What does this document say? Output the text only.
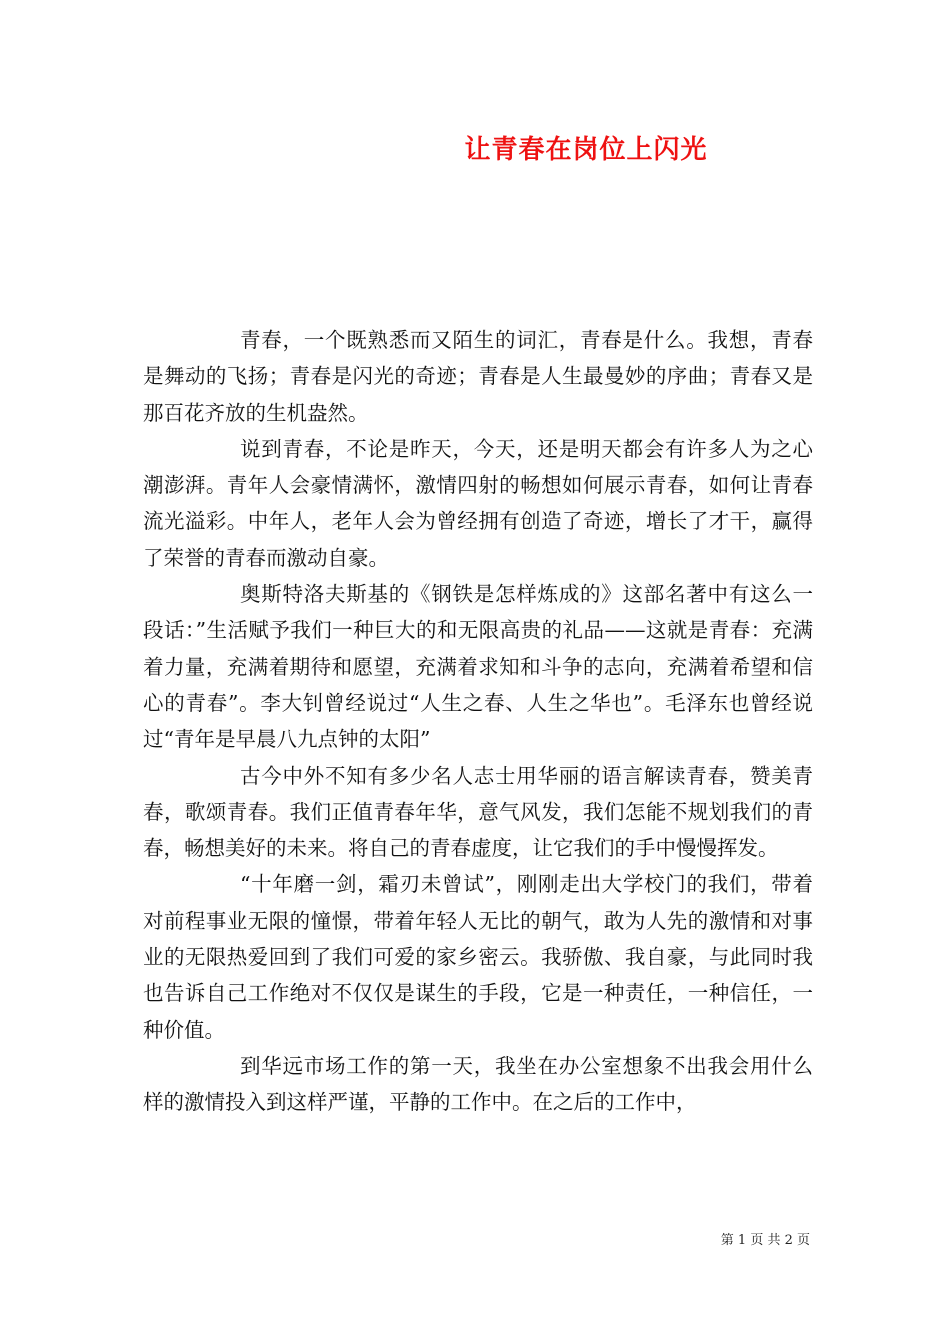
让青春在岗位上闪光

青春，一个既熟悉而又陌生的词汇，青春是什么。我想，青春是舞动的飞扬；青春是闪光的奇迹；青春是人生最曼妙的序曲；青春又是那百花齐放的生机盎然。

说到青春，不论是昨天，今天，还是明天都会有许多人为之心潮澎湃。青年人会豪情满怀，激情四射的畅想如何展示青春，如何让青春流光溢彩。中年人，老年人会为曾经拥有创造了奇迹，增长了才干，赢得了荣誉的青春而激动自豪。

奥斯特洛夫斯基的《钢铁是怎样炼成的》这部名著中有这么一段话：”生活赋予我们一种巨大的和无限高贵的礼品——这就是青春：充满着力量，充满着期待和愿望，充满着求知和斗争的志向，充满着希望和信心的青春”。李大钊曾经说过“人生之春、人生之华也”。毛泽东也曾经说过“青年是早晨八九点钟的太阳”

古今中外不知有多少名人志士用华丽的语言解读青春，赞美青春，歌颂青春。我们正值青春年华，意气风发，我们怎能不规划我们的青春，畅想美好的未来。将自己的青春虚度，让它我们的手中慢慢挥发。

“十年磨一剑，霜刃未曾试”，刚刚走出大学校门的我们，带着对前程事业无限的憧憬，带着年轻人无比的朝气，敢为人先的激情和对事业的无限热爱回到了我们可爱的家乡密云。我骄傲、我自豪，与此同时我也告诉自己工作绝对不仅仅是谋生的手段，它是一种责任，一种信任，一种价值。

到华远市场工作的第一天，我坐在办公室想象不出我会用什么样的激情投入到这样严谨，平静的工作中。在之后的工作中，

第 1 页 共 2 页
